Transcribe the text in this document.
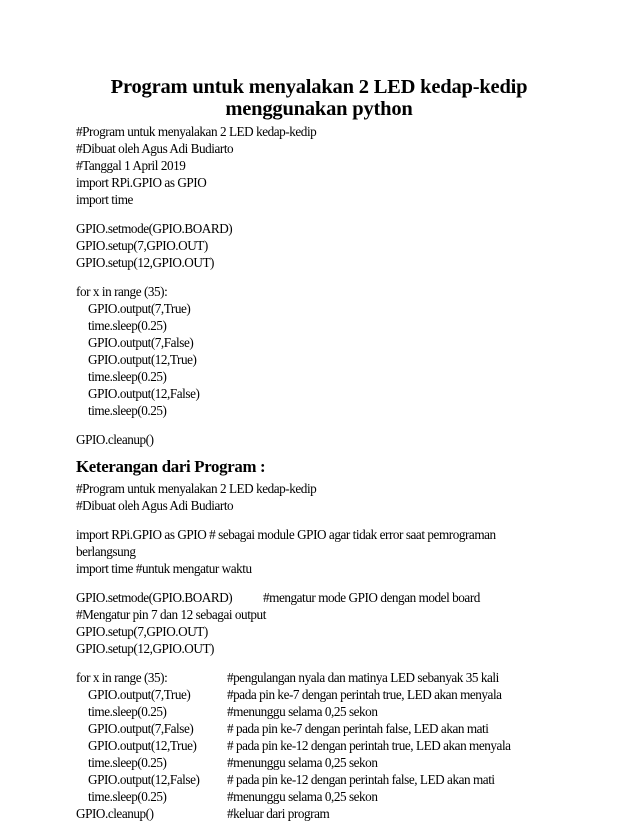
Program untuk menyalakan 2 LED kedap-kedip
menggunakan python

#Program untuk menyalakan 2 LED kedap-kedip

#Dibuat oleh Agus Adi Budiarto

#Tanggal 1 April 2019

import RPi.GPIO as GPIO

import time

GPIO.setmode(GPIO.BOARD)

GPIO.setup(7,GPIO.OUT)

GPIO.setup(12,GPIO.OUT)

for x in range (35):

GPIO.output(7,True)

time.sleep(0.25)

GPIO.output(7,False)

GPIO.output(12,True)

time.sleep(0.25)

GPIO.output(12,False)

time.sleep(0.25)

GPIO.cleanup()

Keterangan dari Program :

#Program untuk menyalakan 2 LED kedap-kedip

#Dibuat oleh Agus Adi Budiarto

import RPi.GPIO as GPIO # sebagai module GPIO agar tidak error saat pemrograman

berlangsung

import time #untuk mengatur waktu

GPIO.setmode(GPIO.BOARD) #mengatur mode GPIO dengan model board

#Mengatur pin 7 dan 12 sebagai output

GPIO.setup(7,GPIO.OUT)

GPIO.setup(12,GPIO.OUT)

for x in range (35):	#pengulangan nyala dan matinya LED sebanyak 35 kali

GPIO.output(7,True)	#pada pin ke-7 dengan perintah true, LED akan menyala

time.sleep(0.25)	#menunggu selama 0,25 sekon

GPIO.output(7,False)	# pada pin ke-7 dengan perintah false, LED akan mati

GPIO.output(12,True) # pada pin ke-12 dengan perintah true, LED akan menyala

time.sleep(0.25)	#menunggu selama 0,25 sekon

GPIO.output(12,False) # pada pin ke-12 dengan perintah false, LED akan mati

time.sleep(0.25)	#menunggu selama 0,25 sekon

GPIO.cleanup()	#keluar dari program
